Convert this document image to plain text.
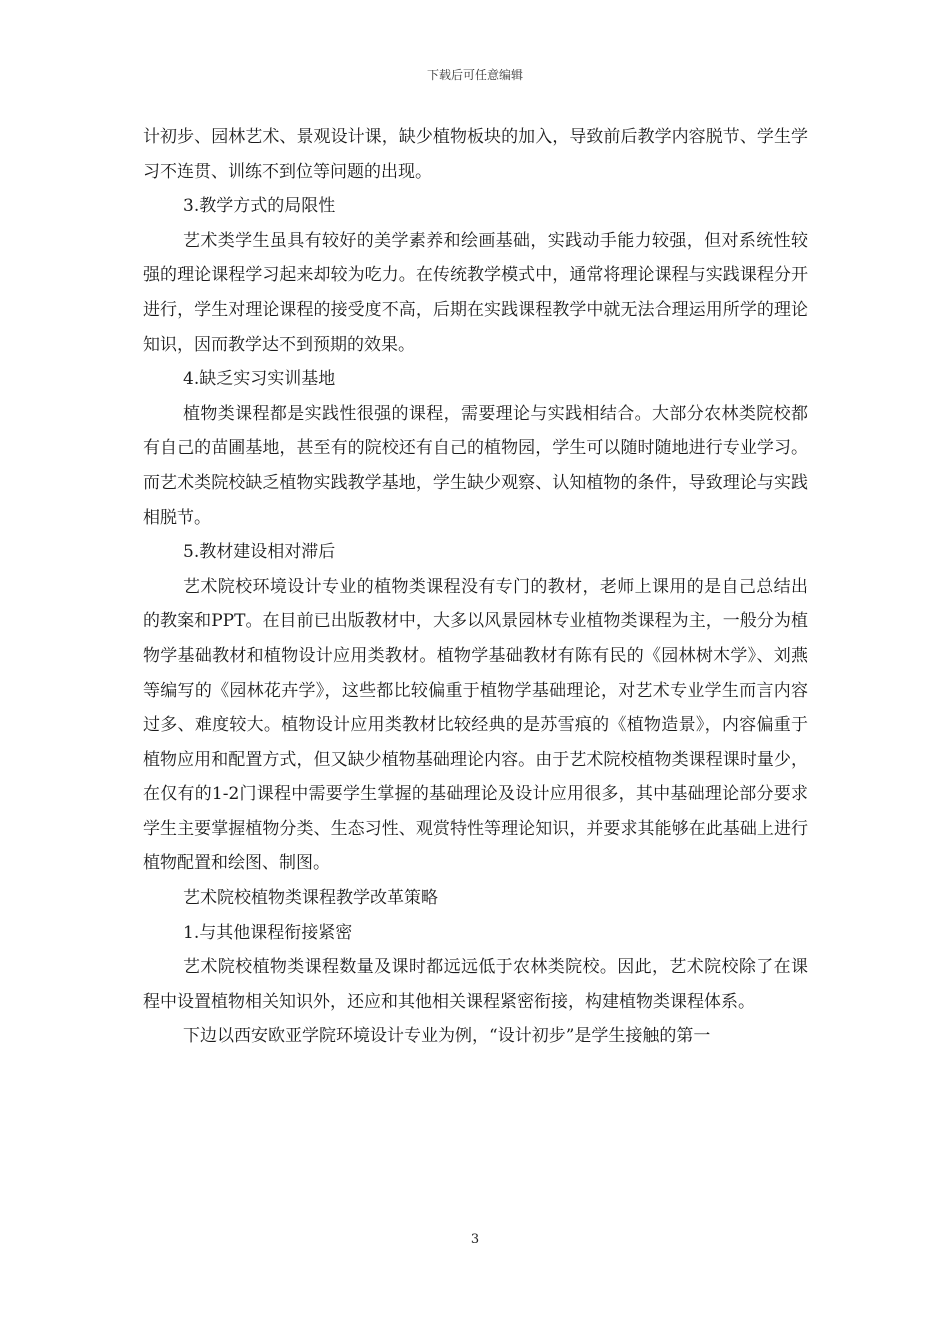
下载后可任意编辑

计初步、园林艺术、景观设计课，缺少植物板块的加入，导致前后教学内容脱节、学生学习不连贯、训练不到位等问题的出现。

3.教学方式的局限性

艺术类学生虽具有较好的美学素养和绘画基础，实践动手能力较强，但对系统性较强的理论课程学习起来却较为吃力。在传统教学模式中，通常将理论课程与实践课程分开进行，学生对理论课程的接受度不高，后期在实践课程教学中就无法合理运用所学的理论知识，因而教学达不到预期的效果。

4.缺乏实习实训基地

植物类课程都是实践性很强的课程，需要理论与实践相结合。大部分农林类院校都有自己的苗圃基地，甚至有的院校还有自己的植物园，学生可以随时随地进行专业学习。而艺术类院校缺乏植物实践教学基地，学生缺少观察、认知植物的条件，导致理论与实践相脱节。

5.教材建设相对滞后

艺术院校环境设计专业的植物类课程没有专门的教材，老师上课用的是自己总结出的教案和PPT。在目前已出版教材中，大多以风景园林专业植物类课程为主，一般分为植物学基础教材和植物设计应用类教材。植物学基础教材有陈有民的《园林树木学》、刘燕等编写的《园林花卉学》，这些都比较偏重于植物学基础理论，对艺术专业学生而言内容过多、难度较大。植物设计应用类教材比较经典的是苏雪痕的《植物造景》，内容偏重于植物应用和配置方式，但又缺少植物基础理论内容。由于艺术院校植物类课程课时量少，在仅有的1-2门课程中需要学生掌握的基础理论及设计应用很多，其中基础理论部分要求学生主要掌握植物分类、生态习性、观赏特性等理论知识，并要求其能够在此基础上进行植物配置和绘图、制图。

艺术院校植物类课程教学改革策略

1.与其他课程衔接紧密

艺术院校植物类课程数量及课时都远远低于农林类院校。因此，艺术院校除了在课程中设置植物相关知识外，还应和其他相关课程紧密衔接，构建植物类课程体系。

下边以西安欧亚学院环境设计专业为例，“设计初步”是学生接触的第一

3
